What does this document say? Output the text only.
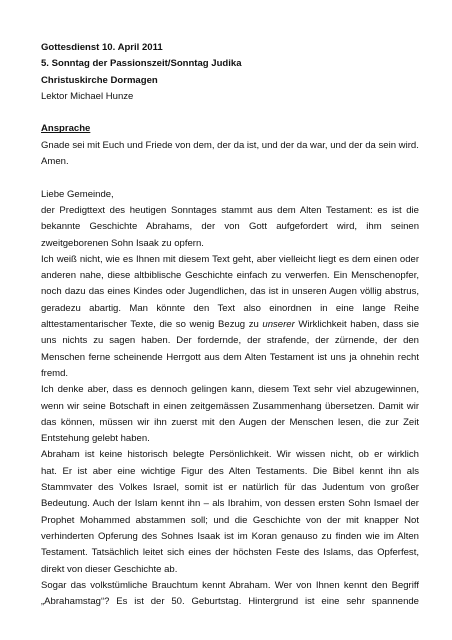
Gottesdienst 10. April 2011
5. Sonntag der Passionszeit/Sonntag Judika
Christuskirche Dormagen
Lektor Michael Hunze
Ansprache
Gnade sei mit Euch und Friede von dem, der da ist, und der da war, und der da sein wird.
Amen.
Liebe Gemeinde,
der Predigttext des heutigen Sonntages stammt aus dem Alten Testament: es ist die
bekannte Geschichte Abrahams, der von Gott aufgefordert wird, ihm seinen
zweitgeborenen Sohn Isaak zu opfern.
Ich weiß nicht, wie es Ihnen mit diesem Text geht, aber vielleicht liegt es dem einen oder
anderen nahe, diese altbiblische Geschichte einfach zu verwerfen. Ein Menschenopfer,
noch dazu das eines Kindes oder Jugendlichen, das ist in unseren Augen völlig abstrus,
geradezu abartig. Man könnte den Text also einordnen in eine lange Reihe
alttestamentarischer Texte, die so wenig Bezug zu unserer Wirklichkeit haben, dass sie
uns nichts zu sagen haben. Der fordernde, der strafende, der zürnende, der den
Menschen ferne scheinende Herrgott aus dem Alten Testament ist uns ja ohnehin recht
fremd.
Ich denke aber, dass es dennoch gelingen kann, diesem Text sehr viel abzugewinnen,
wenn wir seine Botschaft in einen zeitgemässen Zusammenhang übersetzen. Damit wir
das können, müssen wir ihn zuerst mit den Augen der Menschen lesen, die zur Zeit
Entstehung gelebt haben.
Abraham ist keine historisch belegte Persönlichkeit. Wir wissen nicht, ob er wirklich
hat. Er ist aber eine wichtige Figur des Alten Testaments. Die Bibel kennt ihn als
Stammvater des Volkes Israel, somit ist er natürlich für das Judentum von großer
Bedeutung. Auch der Islam kennt ihn – als Ibrahim, von dessen ersten Sohn Ismael der
Prophet Mohammed abstammen soll; und die Geschichte von der mit knapper Not
verhinderten Opferung des Sohnes Isaak ist im Koran genauso zu finden wie im Alten
Testament. Tatsächlich leitet sich eines der höchsten Feste des Islams, das Opferfest,
direkt von dieser Geschichte ab.
Sogar das volkstümliche Brauchtum kennt Abraham. Wer von Ihnen kennt den Begriff
„Abrahamstag“? Es ist der 50. Geburtstag. Hintergrund ist eine sehr spannende
